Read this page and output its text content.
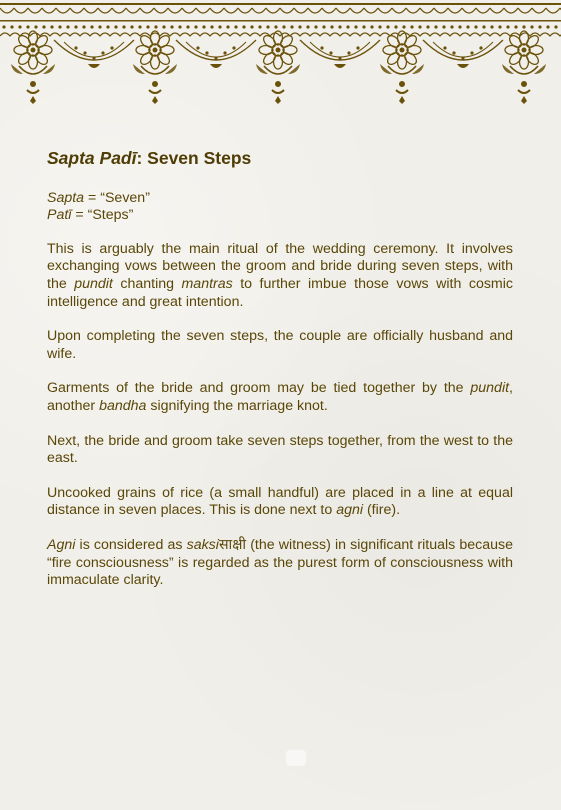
Sapta Padī: Seven Steps
Sapta = “Seven”
Patī = “Steps”

This is arguably the main ritual of the wedding ceremony. It involves exchanging vows between the groom and bride during seven steps, with the pundit chanting mantras to further imbue those vows with cosmic intelligence and great intention.

Upon completing the seven steps, the couple are officially husband and wife.

Garments of the bride and groom may be tied together by the pundit, another bandha signifying the marriage knot.

Next, the bride and groom take seven steps together, from the west to the east.

Uncooked grains of rice (a small handful) are placed in a line at equal distance in seven places. This is done next to agni (fire).

Agni is considered as saksiसाक्षी (the witness) in significant rituals because “fire consciousness” is regarded as the purest form of consciousness with immaculate clarity.
